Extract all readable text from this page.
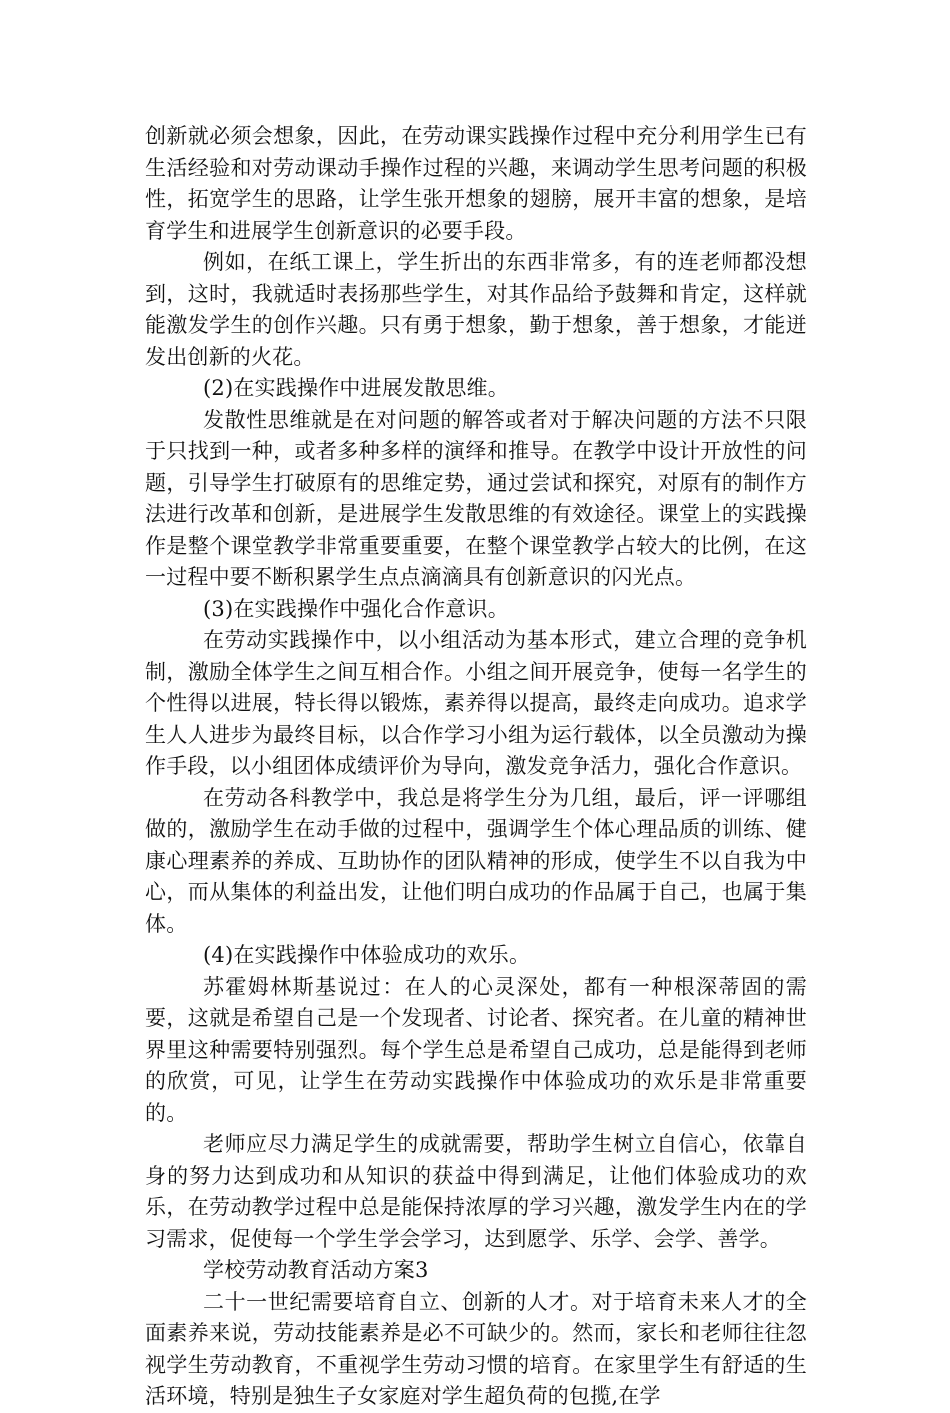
创新就必须会想象，因此，在劳动课实践操作过程中充分利用学生已有生活经验和对劳动课动手操作过程的兴趣，来调动学生思考问题的积极性，拓宽学生的思路，让学生张开想象的翅膀，展开丰富的想象，是培育学生和进展学生创新意识的必要手段。

例如，在纸工课上，学生折出的东西非常多，有的连老师都没想到，这时，我就适时表扬那些学生，对其作品给予鼓舞和肯定，这样就能激发学生的创作兴趣。只有勇于想象，勤于想象，善于想象，才能迸发出创新的火花。

(2)在实践操作中进展发散思维。

发散性思维就是在对问题的解答或者对于解决问题的方法不只限于只找到一种，或者多种多样的演绎和推导。在教学中设计开放性的问题，引导学生打破原有的思维定势，通过尝试和探究，对原有的制作方法进行改革和创新，是进展学生发散思维的有效途径。课堂上的实践操作是整个课堂教学非常重要重要，在整个课堂教学占较大的比例，在这一过程中要不断积累学生点点滴滴具有创新意识的闪光点。

(3)在实践操作中强化合作意识。

在劳动实践操作中，以小组活动为基本形式，建立合理的竞争机制，激励全体学生之间互相合作。小组之间开展竞争，使每一名学生的个性得以进展，特长得以锻炼，素养得以提高，最终走向成功。追求学生人人进步为最终目标，以合作学习小组为运行载体，以全员激动为操作手段，以小组团体成绩评价为导向，激发竞争活力，强化合作意识。

在劳动各科教学中，我总是将学生分为几组，最后，评一评哪组做的，激励学生在动手做的过程中，强调学生个体心理品质的训练、健康心理素养的养成、互助协作的团队精神的形成，使学生不以自我为中心，而从集体的利益出发，让他们明白成功的作品属于自己，也属于集体。

(4)在实践操作中体验成功的欢乐。

苏霍姆林斯基说过：在人的心灵深处，都有一种根深蒂固的需要，这就是希望自己是一个发现者、讨论者、探究者。在儿童的精神世界里这种需要特别强烈。每个学生总是希望自己成功，总是能得到老师的欣赏，可见，让学生在劳动实践操作中体验成功的欢乐是非常重要的。

老师应尽力满足学生的成就需要，帮助学生树立自信心，依靠自身的努力达到成功和从知识的获益中得到满足，让他们体验成功的欢乐，在劳动教学过程中总是能保持浓厚的学习兴趣，激发学生内在的学习需求，促使每一个学生学会学习，达到愿学、乐学、会学、善学。

学校劳动教育活动方案3

二十一世纪需要培育自立、创新的人才。对于培育未来人才的全面素养来说，劳动技能素养是必不可缺少的。然而，家长和老师往往忽视学生劳动教育，不重视学生劳动习惯的培育。在家里学生有舒适的生活环境，特别是独生子女家庭对学生超负荷的包揽,在学
